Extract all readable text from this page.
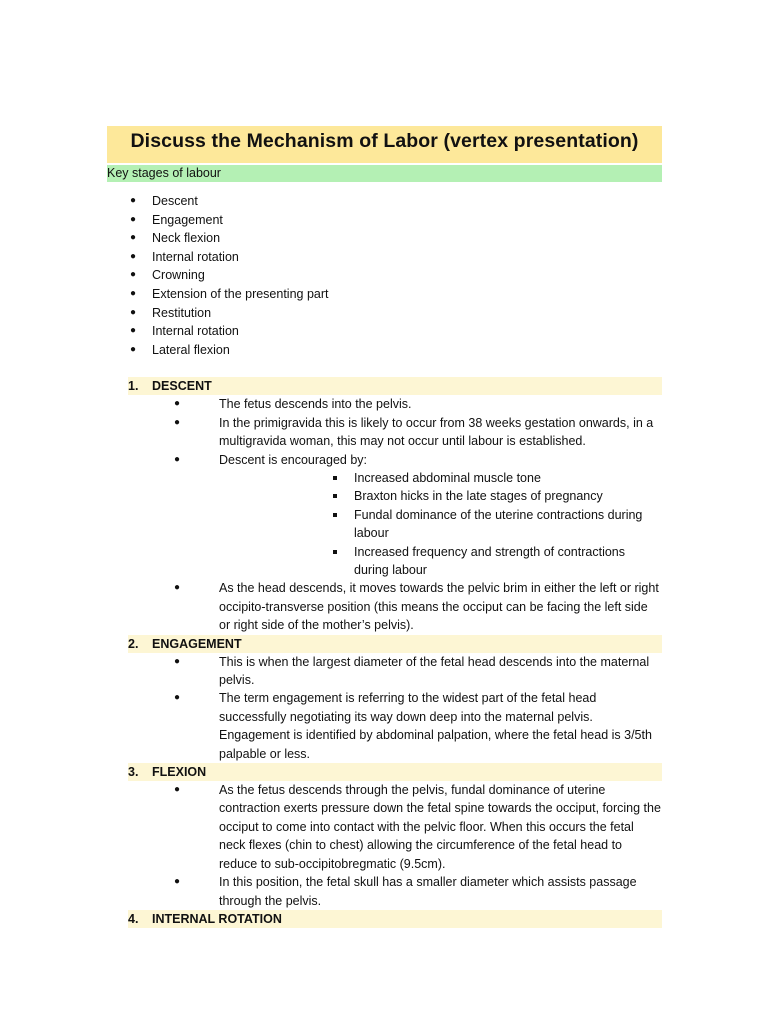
Discuss the Mechanism of Labor (vertex presentation)
Key stages of labour
● Descent
● Engagement
● Neck flexion
● Internal rotation
● Crowning
● Extension of the presenting part
● Restitution
● Internal rotation
● Lateral flexion
1. DESCENT
●	The fetus descends into the pelvis.
●	In the primigravida this is likely to occur from 38 weeks gestation onwards, in a multigravida woman, this may not occur until labour is established.
●	Descent is encouraged by:
Increased abdominal muscle tone
Braxton hicks in the late stages of pregnancy
Fundal dominance of the uterine contractions during labour
Increased frequency and strength of contractions during labour
●	As the head descends, it moves towards the pelvic brim in either the left or right occipito-transverse position (this means the occiput can be facing the left side or right side of the mother’s pelvis).
2. ENGAGEMENT
●	This is when the largest diameter of the fetal head descends into the maternal pelvis.
●	The term engagement is referring to the widest part of the fetal head successfully negotiating its way down deep into the maternal pelvis. Engagement is identified by abdominal palpation, where the fetal head is 3/5th palpable or less.
3. FLEXION
●	As the fetus descends through the pelvis, fundal dominance of uterine contraction exerts pressure down the fetal spine towards the occiput, forcing the occiput to come into contact with the pelvic floor. When this occurs the fetal neck flexes (chin to chest) allowing the circumference of the fetal head to reduce to sub-occipitobregmatic (9.5cm).
●	In this position, the fetal skull has a smaller diameter which assists passage through the pelvis.
4. INTERNAL ROTATION
